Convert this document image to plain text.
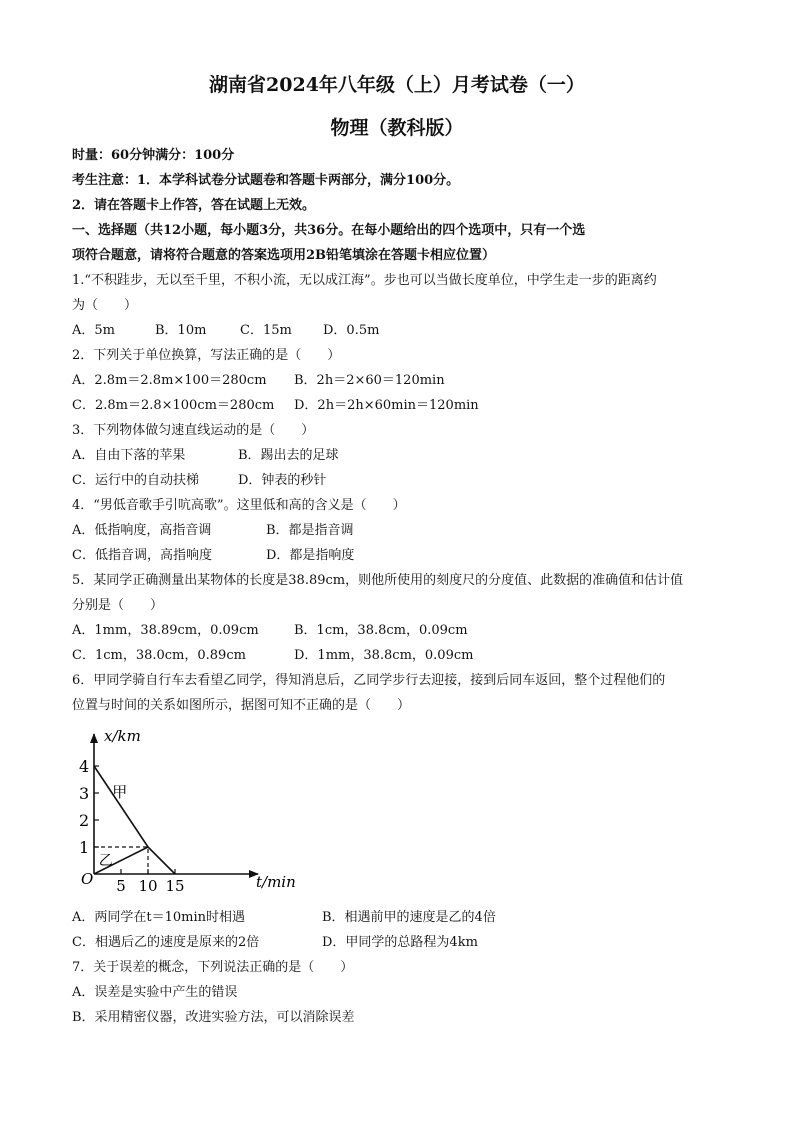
湖南省2024年八年级（上）月考试卷（一）
物理（教科版）
时量：60分钟满分：100分
考生注意：1．本学科试卷分试题卷和答题卡两部分，满分100分。
2．请在答题卡上作答，答在试题上无效。
一、选择题（共12小题，每小题3分，共36分。在每小题给出的四个选项中，只有一个选
项符合题意，请将符合题意的答案选项用2B铅笔填涂在答题卡相应位置）
1.“不积跬步，无以至千里，不积小流，无以成江海”。步也可以当做长度单位，中学生走一步的距离约
为（　　）
A．5m	B．10m	C．15m D．0.5m
2．下列关于单位换算，写法正确的是（　　）
A．2.8m＝2.8m×100＝280cm B．2h＝2×60＝120min
C．2.8m＝2.8×100cm＝280cm D．2h＝2h×60min＝120min
3．下列物体做匀速直线运动的是（　　）
A．自由下落的苹果	B．踢出去的足球
C．运行中的自动扶梯	D．钟表的秒针
4．“男低音歌手引吭高歌”。这里低和高的含义是（　　）
A．低指响度，高指音调	B．都是指音调
C．低指音调，高指响度	D．都是指响度
5．某同学正确测量出某物体的长度是38.89cm，则他所使用的刻度尺的分度值、此数据的准确值和估计值
分别是（　　）
A．1mm，38.89cm，0.09cm	B．1cm，38.8cm，0.09cm
C．1cm，38.0cm，0.89cm	D．1mm，38.8cm，0.09cm
6．甲同学骑自行车去看望乙同学，得知消息后，乙同学步行去迎接，接到后同车返回，整个过程他们的
位置与时间的关系如图所示，据图可知不正确的是（　　）
x/km
t/min
O
甲
乙
1
2
3
4
5 10 15
A．两同学在t＝10min时相遇	B．相遇前甲的速度是乙的4倍
C．相遇后乙的速度是原来的2倍	D．甲同学的总路程为4km
7．关于误差的概念，下列说法正确的是（　　）
A．误差是实验中产生的错误
B．采用精密仪器，改进实验方法，可以消除误差
